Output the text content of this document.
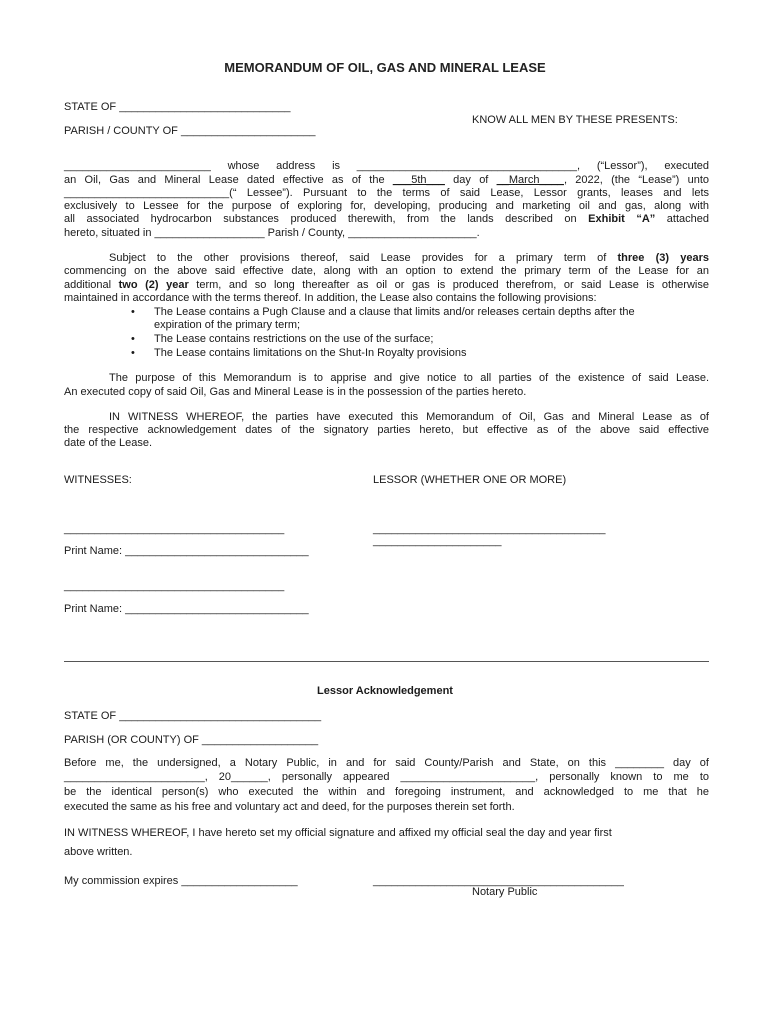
MEMORANDUM OF OIL, GAS AND MINERAL LEASE
STATE OF ____________________________
KNOW ALL MEN BY THESE PRESENTS:
PARISH / COUNTY OF ______________________
________________________ whose address is ____________________________________, (“Lessor”), executed
an Oil, Gas and Mineral Lease dated effective as of the ___5th___ day of __March____, 2022, (the “Lease”) unto
___________________________(“ Lessee”). Pursuant to the terms of said Lease, Lessor grants, leases and lets
exclusively to Lessee for the purpose of exploring for, developing, producing and marketing oil and gas, along with
all associated hydrocarbon substances produced therewith, from the lands described on Exhibit “A” attached
hereto, situated in __________________ Parish / County, _____________________.
Subject to the other provisions thereof, said Lease provides for a primary term of three (3) years
commencing on the above said effective date, along with an option to extend the primary term of the Lease for an
additional two (2) year term, and so long thereafter as oil or gas is produced therefrom, or said Lease is otherwise
maintained in accordance with the terms thereof. In addition, the Lease also contains the following provisions:
• The Lease contains a Pugh Clause and a clause that limits and/or releases certain depths after the
expiration of the primary term;
• The Lease contains restrictions on the use of the surface;
• The Lease contains limitations on the Shut-In Royalty provisions
The purpose of this Memorandum is to apprise and give notice to all parties of the existence of said Lease.
An executed copy of said Oil, Gas and Mineral Lease is in the possession of the parties hereto.
IN WITNESS WHEREOF, the parties have executed this Memorandum of Oil, Gas and Mineral Lease as of
the respective acknowledgement dates of the signatory parties hereto, but effective as of the above said effective
date of the Lease.
WITNESSES:	LESSOR (WHETHER ONE OR MORE)
____________________________________	______________________________________
_____________________
Print Name: ______________________________
____________________________________
Print Name: ______________________________
Lessor Acknowledgement
STATE OF _________________________________
PARISH (OR COUNTY) OF ___________________
Before me, the undersigned, a Notary Public, in and for said County/Parish and State, on this ________ day of
_______________________, 20______, personally appeared ______________________, personally known to me to
be the identical person(s) who executed the within and foregoing instrument, and acknowledged to me that he
executed the same as his free and voluntary act and deed, for the purposes therein set forth.
IN WITNESS WHEREOF, I have hereto set my official signature and affixed my official seal the day and year first
above written.
My commission expires ___________________	_________________________________________
Notary Public
